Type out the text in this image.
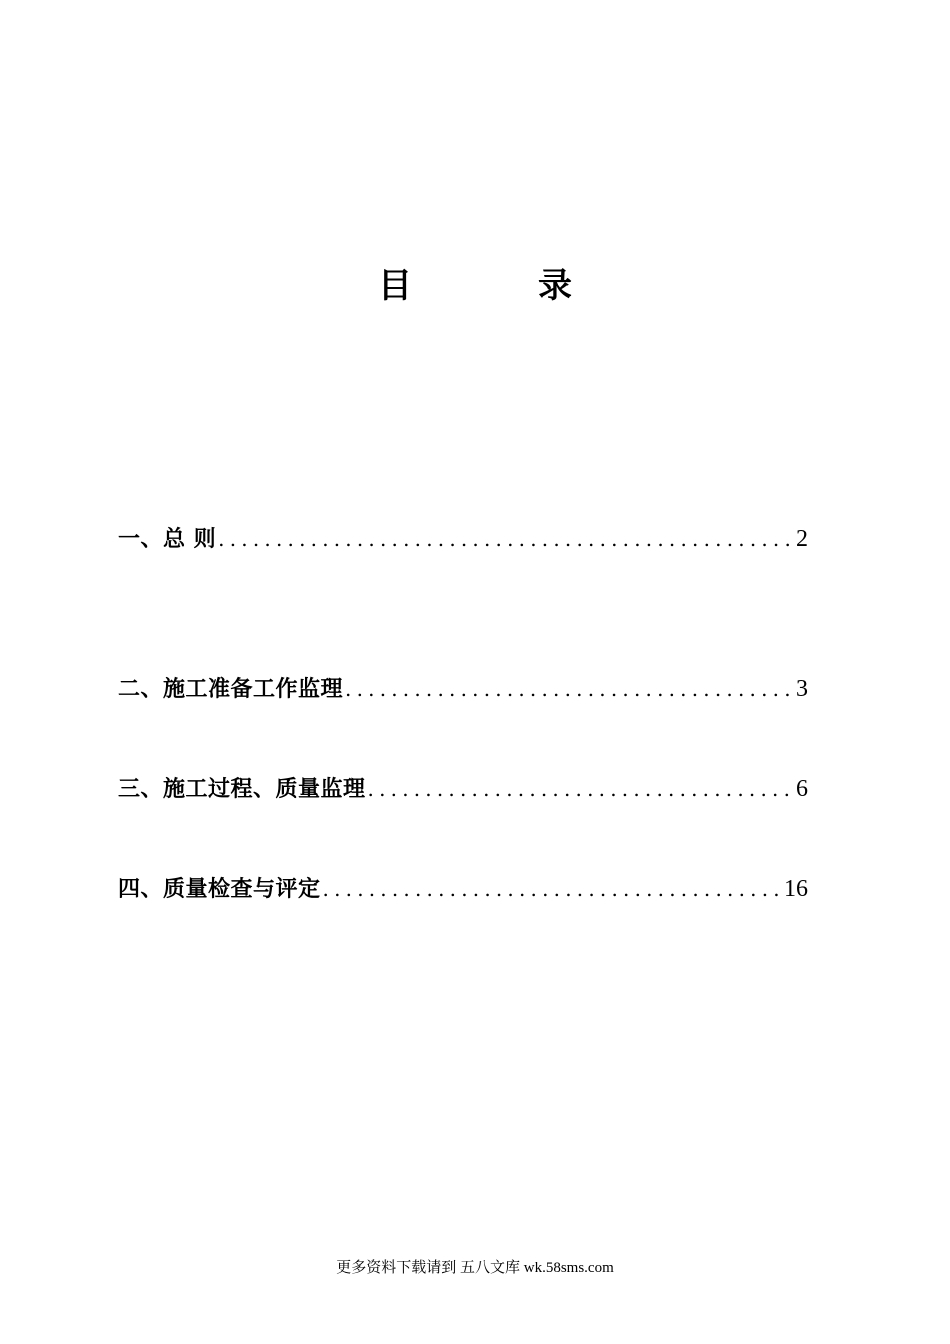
目　录
一、总 则 .....	2
二、施工准备工作监理 .....	3
三、施工过程、质量监理 .....	6
四、质量检查与评定 .....	16
更多资料下载请到 五八文库 wk.58sms.com
